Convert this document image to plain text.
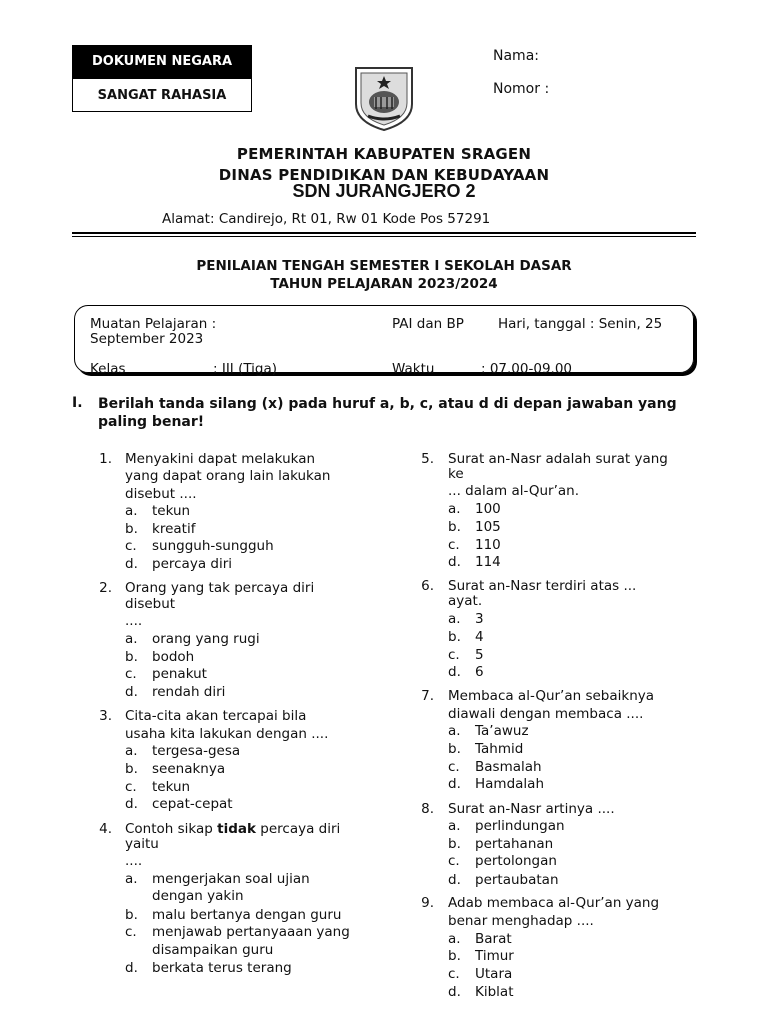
DOKUMEN NEGARA
SANGAT RAHASIA
Nama:
Nomor :
PEMERINTAH KABUPATEN SRAGEN
DINAS PENDIDIKAN DAN KEBUDAYAAN
SDN JURANGJERO 2
Alamat: Candirejo, Rt 01, Rw 01 Kode Pos 57291
PENILAIAN TENGAH SEMESTER I SEKOLAH DASAR
TAHUN PELAJARAN 2023/2024
Muatan Pelajaran :	PAI dan BP	Hari, tanggal : Senin, 25
September 2023
Kelas	: III (Tiga)	Waktu	: 07.00-09.00
I. Berilah tanda silang (x) pada huruf a, b, c, atau d di depan jawaban yang paling benar!
1. Menyakini dapat melakukan
yang dapat orang lain lakukan
disebut ....
a. tekun
b. kreatif
c. sungguh-sungguh
d. percaya diri
2. Orang yang tak percaya diri
disebut
....
a. orang yang rugi
b. bodoh
c. penakut
d. rendah diri
3. Cita-cita akan tercapai bila
usaha kita lakukan dengan ....
a. tergesa-gesa
b. seenaknya
c. tekun
d. cepat-cepat
4. Contoh sikap tidak percaya diri
yaitu
....
a. mengerjakan soal ujian
dengan yakin
b. malu bertanya dengan guru
c. menjawab pertanyaaan yang
disampaikan guru
d. berkata terus terang
5. Surat an-Nasr adalah surat yang
ke
... dalam al-Qur’an.
a. 100
b. 105
c. 110
d. 114
6. Surat an-Nasr terdiri atas ...
ayat.
a. 3
b. 4
c. 5
d. 6
7. Membaca al-Qur’an sebaiknya
diawali dengan membaca ....
a. Ta’awuz
b. Tahmid
c. Basmalah
d. Hamdalah
8. Surat an-Nasr artinya ....
a. perlindungan
b. pertahanan
c. pertolongan
d. pertaubatan
9. Adab membaca al-Qur’an yang
benar menghadap ....
a. Barat
b. Timur
c. Utara
d. Kiblat
